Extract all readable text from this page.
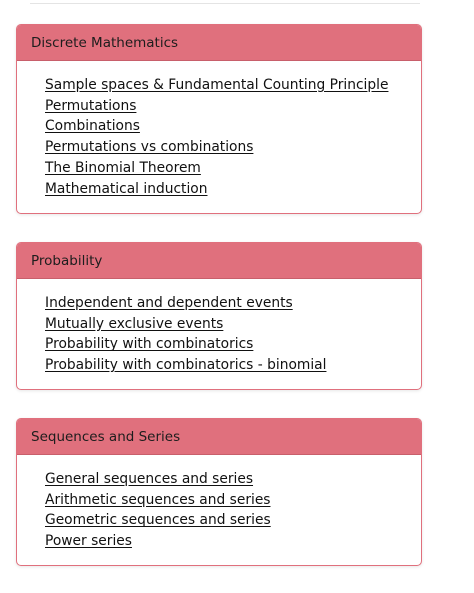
Discrete Mathematics
Sample spaces & Fundamental Counting Principle
Permutations
Combinations
Permutations vs combinations
The Binomial Theorem
Mathematical induction
Probability
Independent and dependent events
Mutually exclusive events
Probability with combinatorics
Probability with combinatorics - binomial
Sequences and Series
General sequences and series
Arithmetic sequences and series
Geometric sequences and series
Power series
